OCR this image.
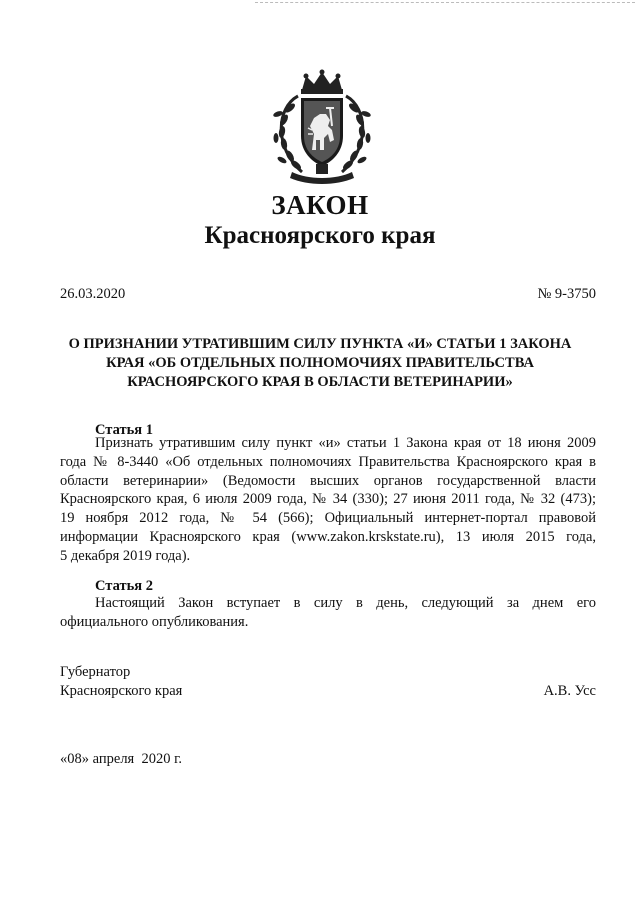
ЗАКОН
Красноярского края
26.03.2020	№ 9-3750
О ПРИЗНАНИИ УТРАТИВШИМ СИЛУ ПУНКТА «И» СТАТЬИ 1 ЗАКОНА
КРАЯ «ОБ ОТДЕЛЬНЫХ ПОЛНОМОЧИЯХ ПРАВИТЕЛЬСТВА
КРАСНОЯРСКОГО КРАЯ В ОБЛАСТИ ВЕТЕРИНАРИИ»
Статья 1
Признать утратившим силу пункт «и» статьи 1 Закона края от 18 июня 2009
года № 8-3440 «Об отдельных полномочиях Правительства Красноярского края в
области ветеринарии» (Ведомости высших органов государственной власти
Красноярского края, 6 июля 2009 года, № 34 (330); 27 июня 2011 года, № 32 (473);
19 ноября 2012 года, № 54 (566); Официальный интернет-портал правовой
информации Красноярского края (www.zakon.krskstate.ru), 13 июля 2015 года,
5 декабря 2019 года).
Статья 2
Настоящий Закон вступает в силу в день, следующий за днем его
официального опубликования.
Губернатор
Красноярского края	А.В. Усс
«08» апреля  2020 г.
